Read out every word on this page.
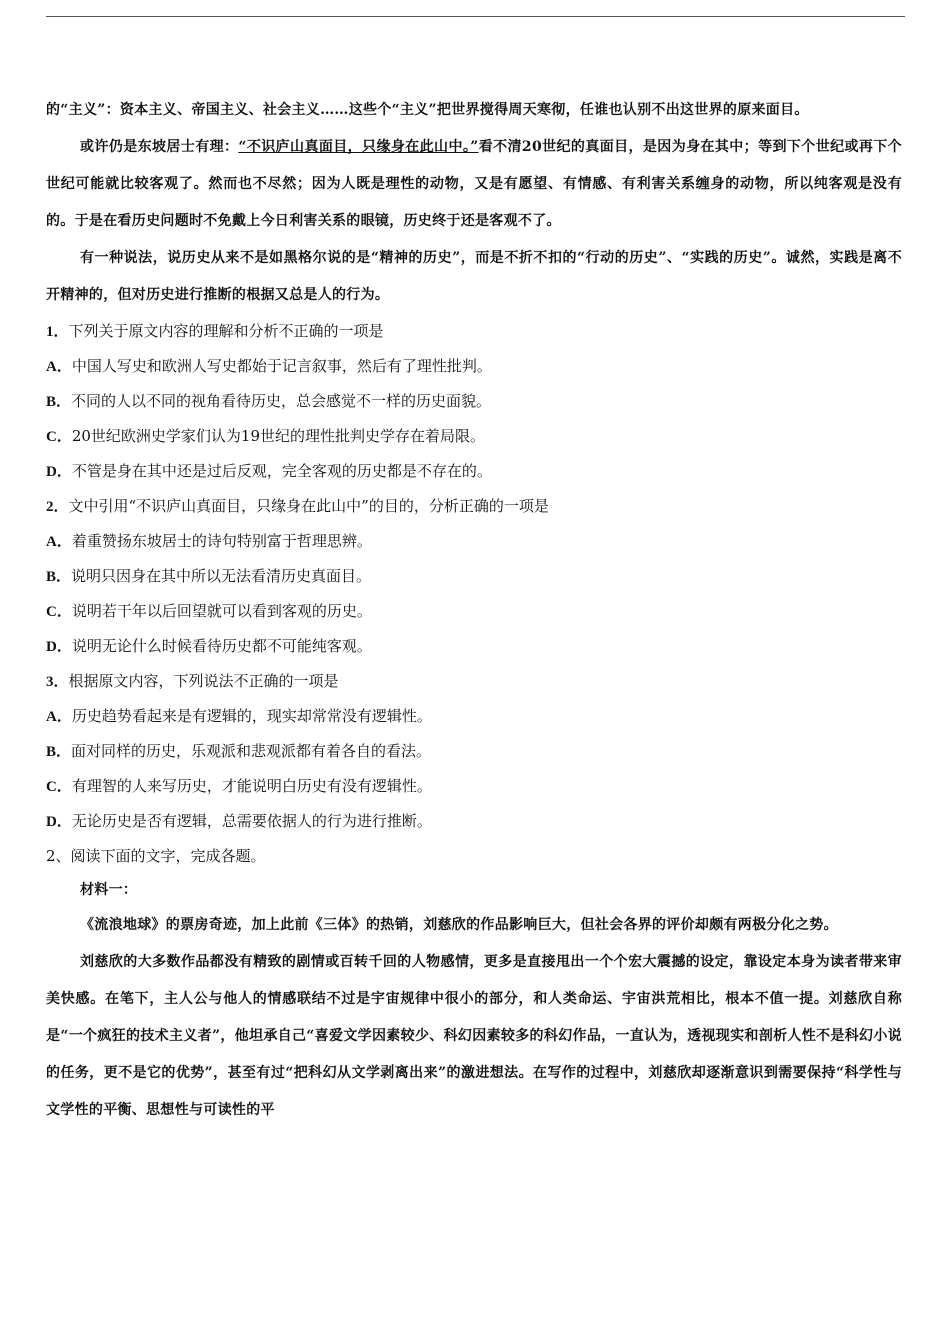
的“主义”：资本主义、帝国主义、社会主义……这些个“主义”把世界搅得周天寒彻，任谁也认别不出这世界的原来面目。

或许仍是东坡居士有理：“不识庐山真面目，只缘身在此山中。”看不清20世纪的真面目，是因为身在其中；等到下个世纪或再下个世纪可能就比较客观了。然而也不尽然；因为人既是理性的动物，又是有愿望、有情感、有利害关系缠身的动物，所以纯客观是没有的。于是在看历史问题时不免戴上今日利害关系的眼镜，历史终于还是客观不了。

有一种说法，说历史从来不是如黑格尔说的是“精神的历史”，而是不折不扣的“行动的历史”、“实践的历史”。诚然，实践是离不开精神的，但对历史进行推断的根据又总是人的行为。

1．下列关于原文内容的理解和分析不正确的一项是
A．中国人写史和欧洲人写史都始于记言叙事，然后有了理性批判。
B．不同的人以不同的视角看待历史，总会感觉不一样的历史面貌。
C．20世纪欧洲史学家们认为19世纪的理性批判史学存在着局限。
D．不管是身在其中还是过后反观，完全客观的历史都是不存在的。
2．文中引用“不识庐山真面目，只缘身在此山中”的目的，分析正确的一项是
A．着重赞扬东坡居士的诗句特别富于哲理思辨。
B．说明只因身在其中所以无法看清历史真面目。
C．说明若干年以后回望就可以看到客观的历史。
D．说明无论什么时候看待历史都不可能纯客观。
3．根据原文内容，下列说法不正确的一项是
A．历史趋势看起来是有逻辑的，现实却常常没有逻辑性。
B．面对同样的历史，乐观派和悲观派都有着各自的看法。
C．有理智的人来写历史，才能说明白历史有没有逻辑性。
D．无论历史是否有逻辑，总需要依据人的行为进行推断。
2、阅读下面的文字，完成各题。

材料一：

《流浪地球》的票房奇迹，加上此前《三体》的热销，刘慈欣的作品影响巨大，但社会各界的评价却颇有两极分化之势。

刘慈欣的大多数作品都没有精致的剧情或百转千回的人物感情，更多是直接甩出一个个宏大震撼的设定，靠设定本身为读者带来审美快感。在笔下，主人公与他人的情感联结不过是宇宙规律中很小的部分，和人类命运、宇宙洪荒相比，根本不值一提。刘慈欣自称是“一个疯狂的技术主义者”，他坦承自己“喜爱文学因素较少、科幻因素较多的科幻作品，一直认为，透视现实和剖析人性不是科幻小说的任务，更不是它的优势”，甚至有过“把科幻从文学剥离出来”的激进想法。在写作的过程中，刘慈欣却逐渐意识到需要保持“科学性与文学性的平衡、思想性与可读性的平
